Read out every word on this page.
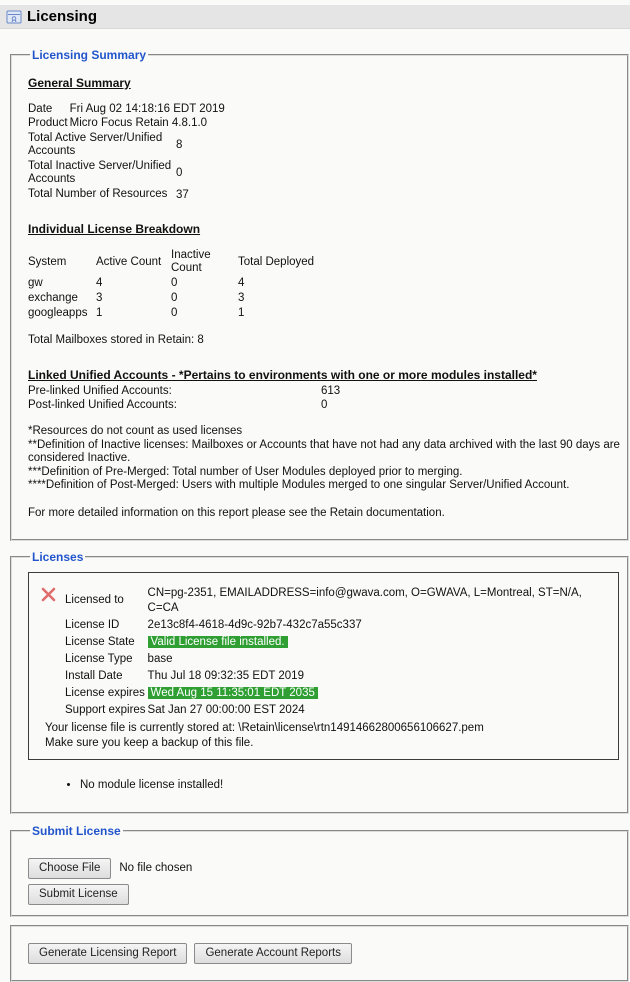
Licensing
Licensing Summary
General Summary
Date	Fri Aug 02 14:18:16 EDT 2019
Product	Micro Focus Retain 4.8.1.0
Total Active Server/Unified Accounts	8
Total Inactive Server/Unified Accounts	0
Total Number of Resources	37
Individual License Breakdown
System	Active Count	Inactive Count	Total Deployed
gw	4	0	4
exchange	3	0	3
googleapps	1	0	1
Total Mailboxes stored in Retain: 8
Linked Unified Accounts - *Pertains to environments with one or more modules installed*
Pre-linked Unified Accounts:	613
Post-linked Unified Accounts:	0
*Resources do not count as used licenses
**Definition of Inactive licenses: Mailboxes or Accounts that have not had any data archived with the last 90 days are considered Inactive.
***Definition of Pre-Merged: Total number of User Modules deployed prior to merging.
****Definition of Post-Merged: Users with multiple Modules merged to one singular Server/Unified Account.
For more detailed information on this report please see the Retain documentation.
Licenses
Licensed to	CN=pg-2351, EMAILADDRESS=info@gwava.com, O=GWAVA, L=Montreal, ST=N/A, C=CA
License ID	2e13c8f4-4618-4d9c-92b7-432c7a55c337
License State	Valid License file installed.
License Type	base
Install Date	Thu Jul 18 09:32:35 EDT 2019
License expires	Wed Aug 15 11:35:01 EDT 2035
Support expires	Sat Jan 27 00:00:00 EST 2024
Your license file is currently stored at: \Retain\license\rtn14914662800656106627.pem
Make sure you keep a backup of this file.
• No module license installed!
Submit License
Choose File	No file chosen
Submit License
Generate Licensing Report	Generate Account Reports
